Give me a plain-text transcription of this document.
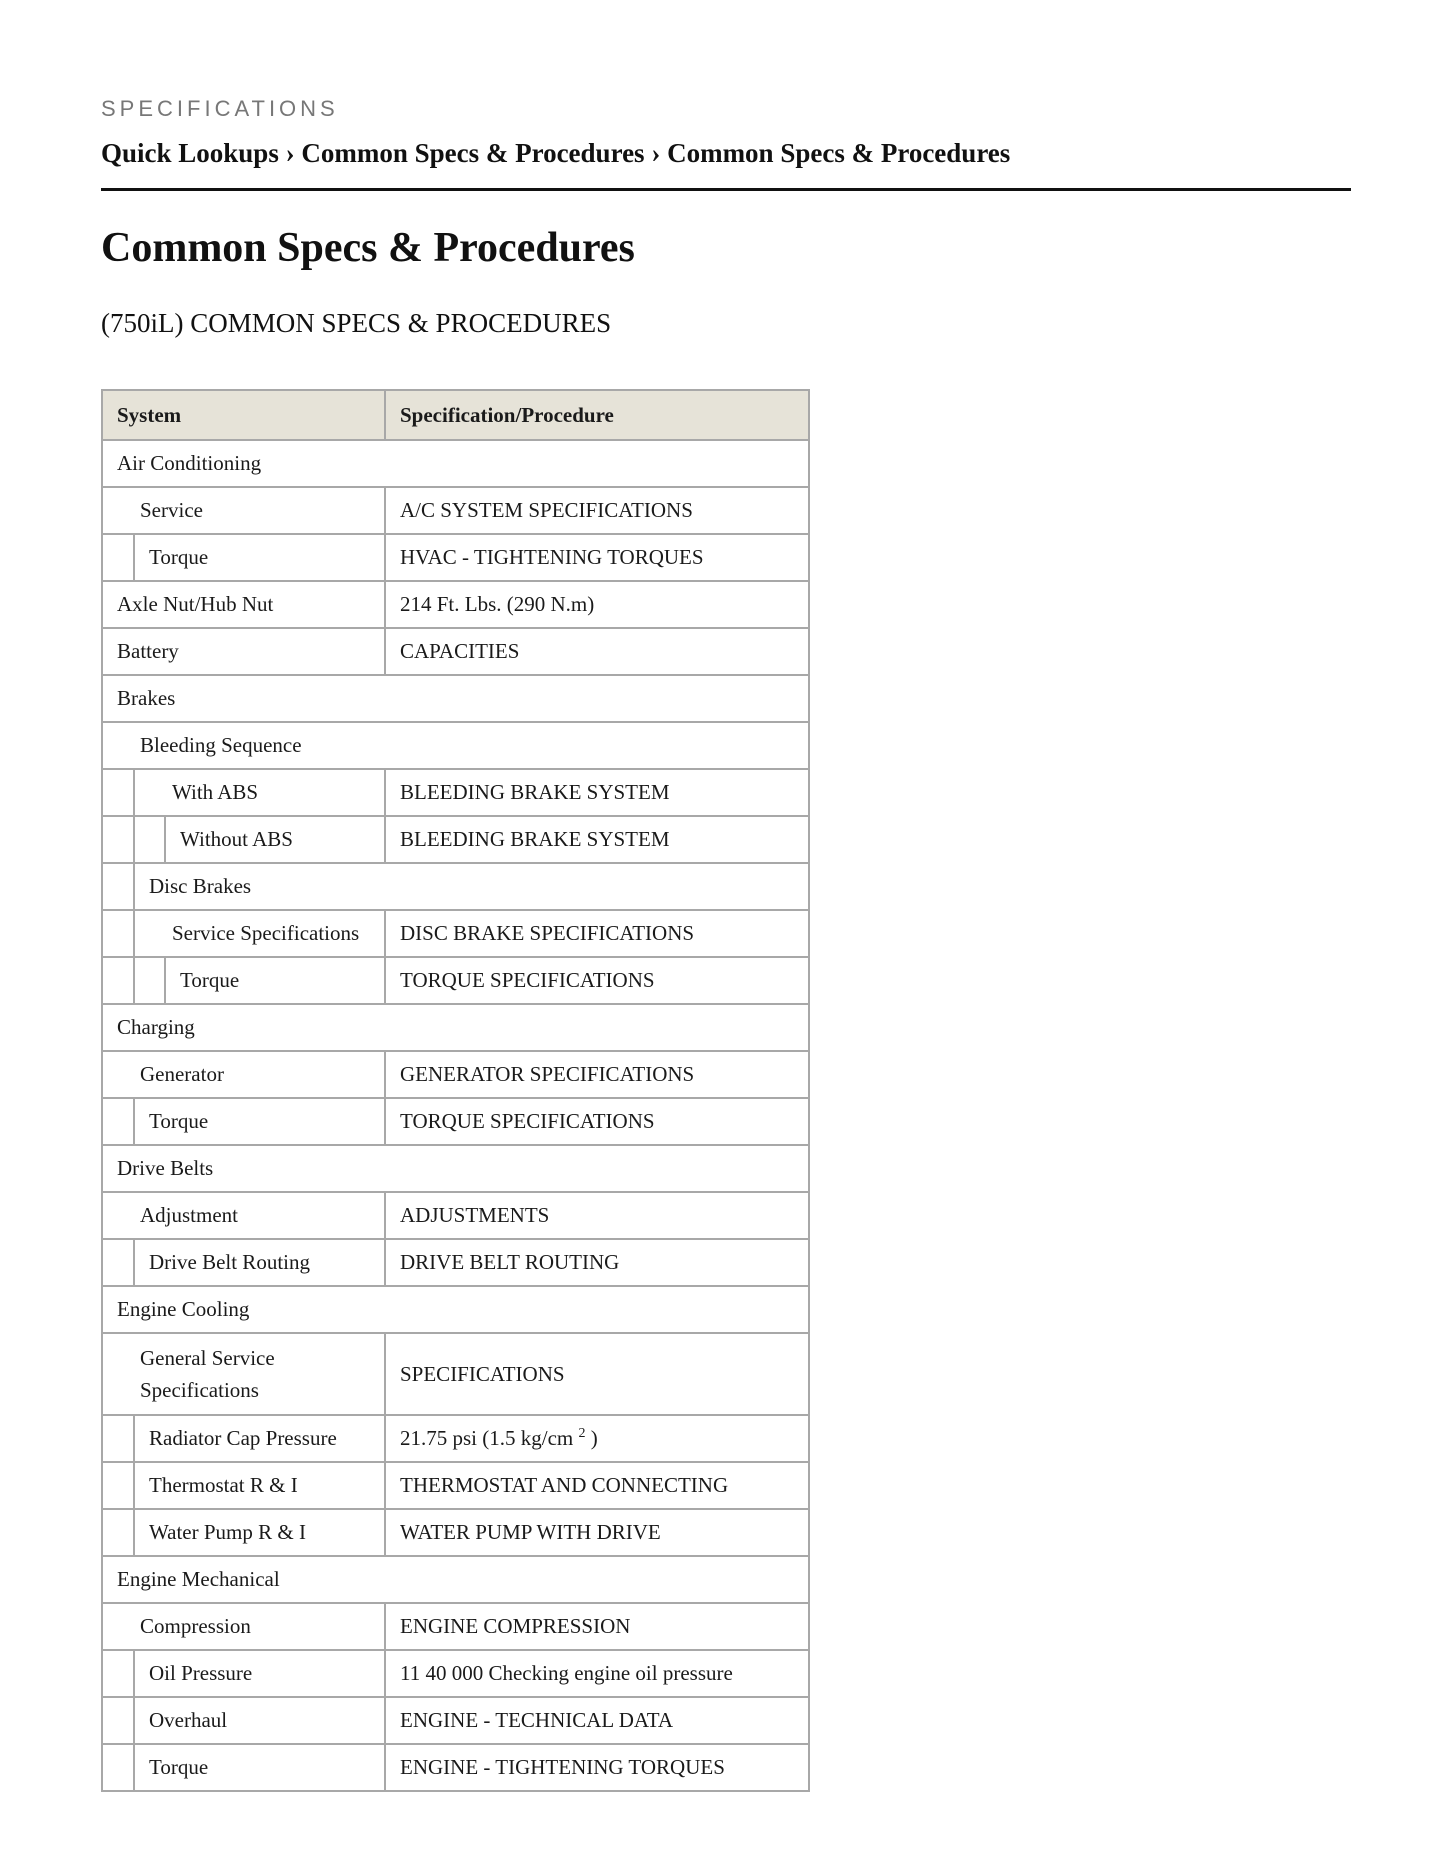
SPECIFICATIONS
Quick Lookups › Common Specs & Procedures › Common Specs & Procedures
Common Specs & Procedures
(750iL) COMMON SPECS & PROCEDURES
System	Specification/Procedure

Air Conditioning	

Service	A/C SYSTEM SPECIFICATIONS

Torque	HVAC - TIGHTENING TORQUES

Axle Nut/Hub Nut	214 Ft. Lbs. (290 N.m)

Battery	CAPACITIES

Brakes	

Bleeding Sequence	

With ABS	BLEEDING BRAKE SYSTEM

Without ABS	BLEEDING BRAKE SYSTEM

Disc Brakes	

Service Specifications	DISC BRAKE SPECIFICATIONS

Torque	TORQUE SPECIFICATIONS

Charging	

Generator	GENERATOR SPECIFICATIONS

Torque	TORQUE SPECIFICATIONS

Drive Belts	

Adjustment	ADJUSTMENTS

Drive Belt Routing	DRIVE BELT ROUTING

Engine Cooling	

General Service Specifications	SPECIFICATIONS

Radiator Cap Pressure	21.75 psi (1.5 kg/cm $^2$ )

Thermostat R & I	THERMOSTAT AND CONNECTING

Water Pump R & I	WATER PUMP WITH DRIVE

Engine Mechanical	

Compression	ENGINE COMPRESSION

Oil Pressure	11 40 000 Checking engine oil pressure

Overhaul	ENGINE - TECHNICAL DATA

Torque	ENGINE - TIGHTENING TORQUES
